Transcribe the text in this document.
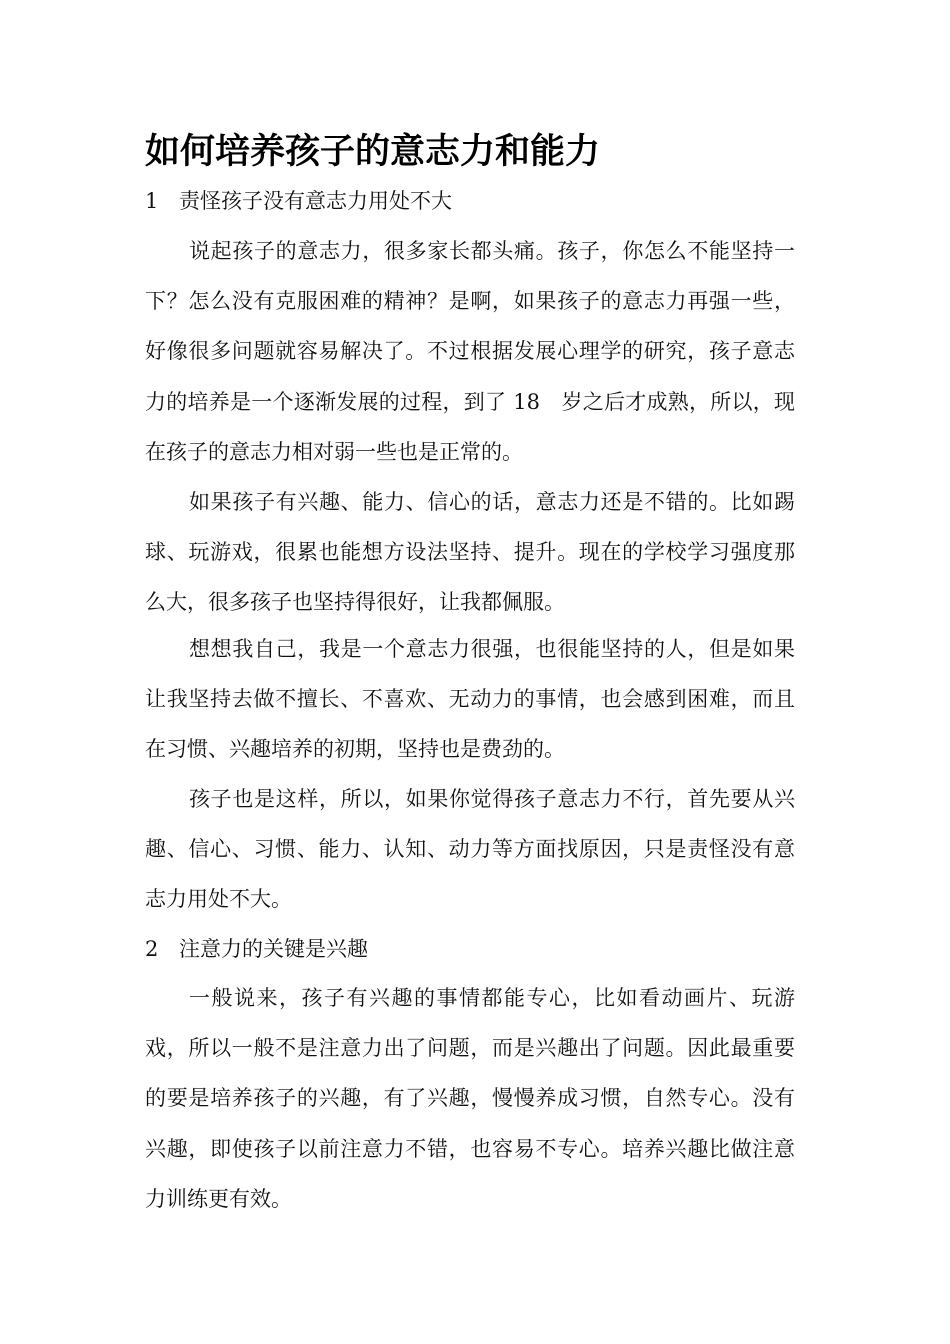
如何培养孩子的意志力和能力
1 责怪孩子没有意志力用处不大

说起孩子的意志力，很多家长都头痛。孩子，你怎么不能坚持一下？怎么没有克服困难的精神？是啊，如果孩子的意志力再强一些，好像很多问题就容易解决了。不过根据发展心理学的研究，孩子意志力的培养是一个逐渐发展的过程，到了 18　岁之后才成熟，所以，现在孩子的意志力相对弱一些也是正常的。

如果孩子有兴趣、能力、信心的话，意志力还是不错的。比如踢球、玩游戏，很累也能想方设法坚持、提升。现在的学校学习强度那么大，很多孩子也坚持得很好，让我都佩服。

想想我自己，我是一个意志力很强，也很能坚持的人，但是如果让我坚持去做不擅长、不喜欢、无动力的事情，也会感到困难，而且在习惯、兴趣培养的初期，坚持也是费劲的。

孩子也是这样，所以，如果你觉得孩子意志力不行，首先要从兴趣、信心、习惯、能力、认知、动力等方面找原因，只是责怪没有意志力用处不大。

2 注意力的关键是兴趣

一般说来，孩子有兴趣的事情都能专心，比如看动画片、玩游戏，所以一般不是注意力出了问题，而是兴趣出了问题。因此最重要的要是培养孩子的兴趣，有了兴趣，慢慢养成习惯，自然专心。没有兴趣，即使孩子以前注意力不错，也容易不专心。培养兴趣比做注意力训练更有效。
